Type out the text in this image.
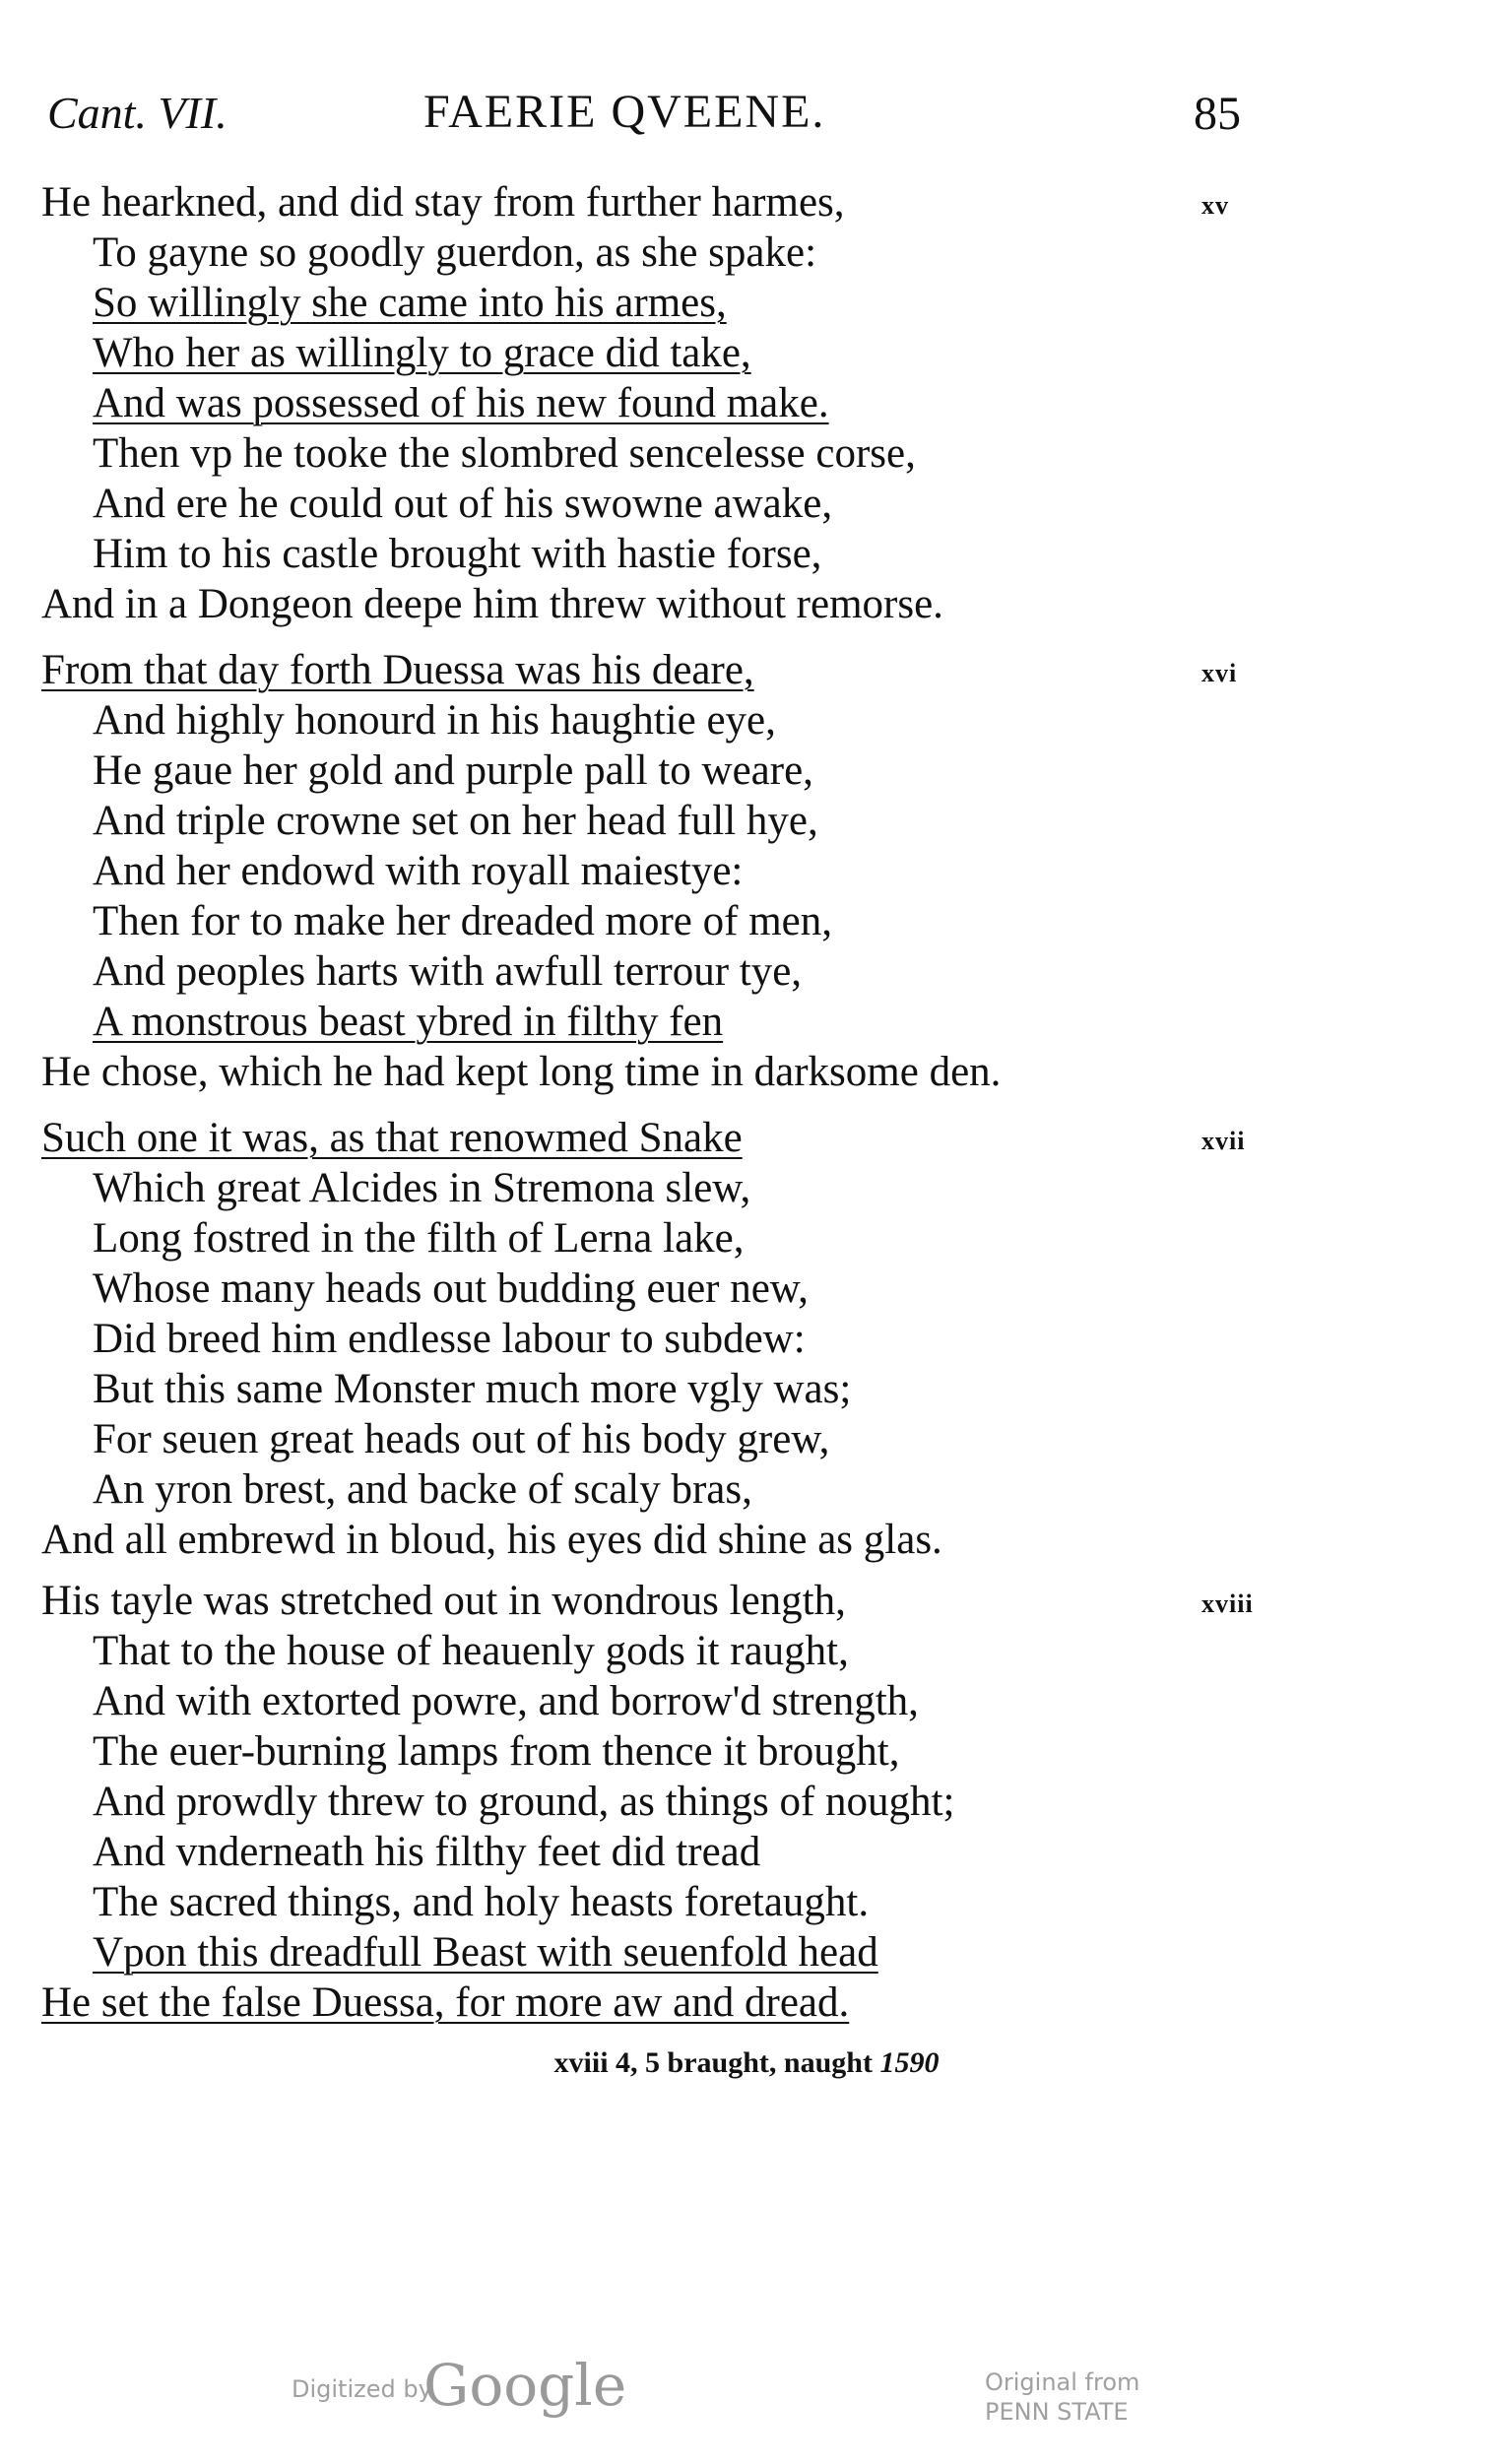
Cant. VII.	FAERIE QVEENE.	85
xv
He hearkned, and did stay from further harmes,
To gayne so goodly guerdon, as she spake:
So willingly she came into his armes,
Who her as willingly to grace did take,
And was possessed of his new found make.
Then vp he tooke the slombred sencelesse corse,
And ere he could out of his swowne awake,
Him to his castle brought with hastie forse,
And in a Dongeon deepe him threw without remorse.
xvi
From that day forth Duessa was his deare,
And highly honourd in his haughtie eye,
He gaue her gold and purple pall to weare,
And triple crowne set on her head full hye,
And her endowd with royall maiestye:
Then for to make her dreaded more of men,
And peoples harts with awfull terrour tye,
A monstrous beast ybred in filthy fen
He chose, which he had kept long time in darksome den.
xvii
Such one it was, as that renowmed Snake
Which great Alcides in Stremona slew,
Long fostred in the filth of Lerna lake,
Whose many heads out budding euer new,
Did breed him endlesse labour to subdew:
But this same Monster much more vgly was;
For seuen great heads out of his body grew,
An yron brest, and backe of scaly bras,
And all embrewd in bloud, his eyes did shine as glas.
xviii
His tayle was stretched out in wondrous length,
That to the house of heauenly gods it raught,
And with extorted powre, and borrow'd strength,
The euer-burning lamps from thence it brought,
And prowdly threw to ground, as things of nought;
And vnderneath his filthy feet did tread
The sacred things, and holy heasts foretaught.
Vpon this dreadfull Beast with seuenfold head
He set the false Duessa, for more aw and dread.
xviii 4, 5 braught, naught 1590
Digitized by
Google	Original from
PENN STATE
